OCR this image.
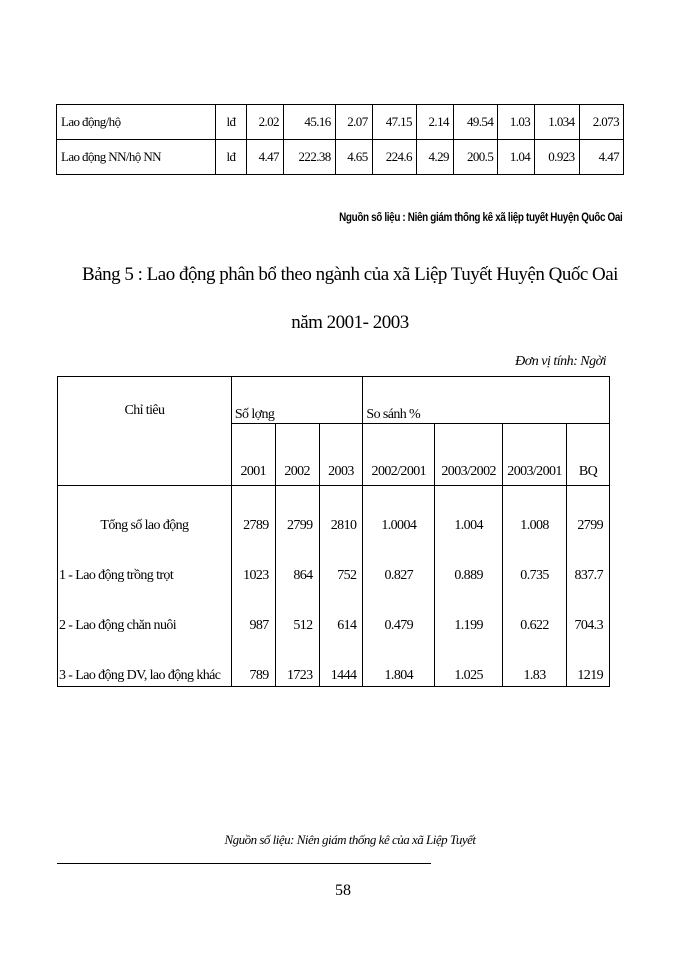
Lao động/hộ	lđ	2.02	45.16	2.07	47.15	2.14	49.54	1.03	1.034	2.073
Lao động NN/hộ NN	lđ	4.47	222.38	4.65	224.6	4.29	200.5	1.04	0.923	4.47
Nguồn số liệu : Niên giám thống kê xã liệp tuyết Huyện Quốc Oai
Bảng 5 : Lao động phân bổ theo ngành của xã Liệp Tuyết Huyện Quốc Oai
năm 2001- 2003
Đơn vị tính: Ngời
Chỉ tiêu	Số lợng			So sánh %			
	2001	2002	2003	2002/2001	2003/2002	2003/2001	BQ
Tổng số lao động	2789	2799	2810	1.0004	1.004	1.008	2799
1 - Lao động trồng trọt	1023	864	752	0.827	0.889	0.735	837.7
2 - Lao động chăn nuôi	987	512	614	0.479	1.199	0.622	704.3
3 - Lao động DV, lao động khác	789	1723	1444	1.804	1.025	1.83	1219
Nguồn số liệu: Niên giám thống kê của xã Liệp Tuyết
58
